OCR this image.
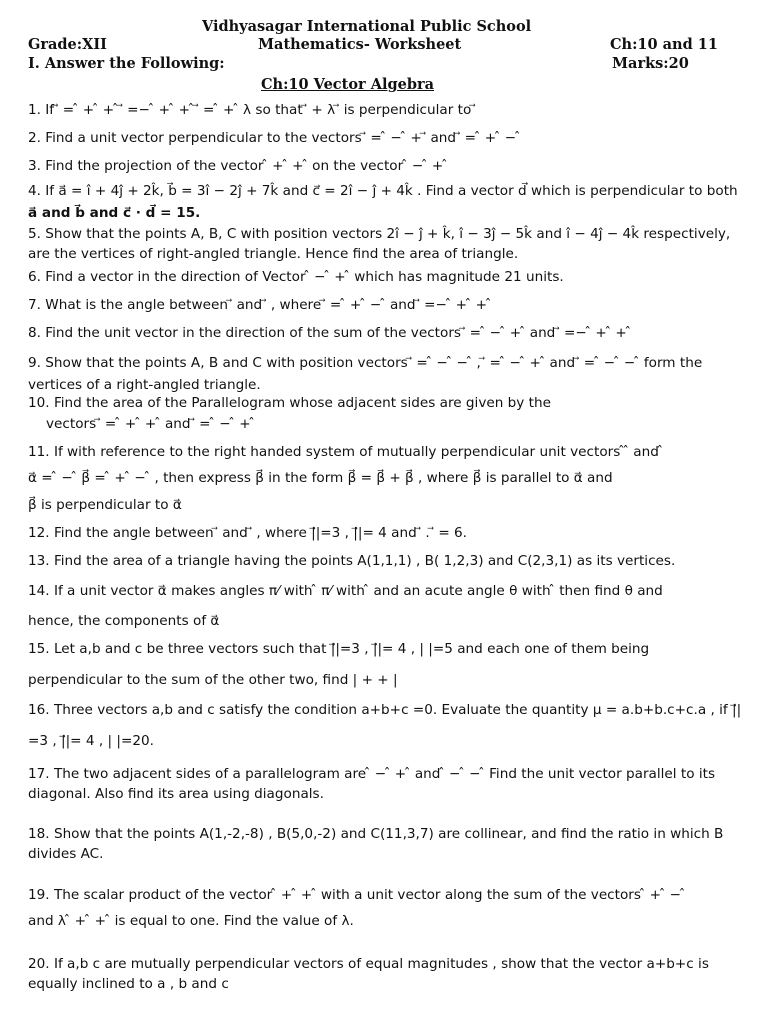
Vidhyasagar International Public School
Grade:XII	Mathematics- Worksheet	Ch:10 and 11
I. Answer the Following:	Marks:20
Ch:10 Vector Algebra
1. If ⃗ = ̂ + ̂ + ̂ ⃗ =− ̂ + ̂ + ̂ ⃗ = ̂ + ̂ λ so that ⃗ + λ ⃗ is perpendicular to ⃗
2. Find a unit vector perpendicular to the vectors ⃗ = ̂ − ̂ + ⃗ and ⃗ = ̂ + ̂ − ̂
3. Find the projection of the vector ̂ + ̂ + ̂ on the vector ̂ − ̂ + ̂
4. If a⃗ = î + 4ĵ + 2k̂, b⃗ = 3î − 2ĵ + 7k̂ and c⃗ = 2î − ĵ + 4k̂ . Find a vector d⃗ which is perpendicular to both
a⃗ and b⃗ and c⃗ · d⃗ = 15.
5. Show that the points A, B, C with position vectors 2î − ĵ + k̂, î − 3ĵ − 5k̂ and î − 4ĵ − 4k̂ respectively, are the vertices of right-angled triangle. Hence find the area of triangle.
6. Find a vector in the direction of Vector ̂ − ̂ + ̂ which has magnitude 21 units.
7. What is the angle between ⃗ and ⃗ , where ⃗ = ̂ + ̂ − ̂ and ⃗ =− ̂ + ̂ + ̂
8. Find the unit vector in the direction of the sum of the vectors ⃗ = ̂ − ̂ + ̂ and ⃗ =− ̂ + ̂ + ̂
9. Show that the points A, B and C with position vectors ⃗ = ̂ − ̂ − ̂ , ⃗ = ̂ − ̂ + ̂ and ⃗ = ̂ − ̂ − ̂ form the vertices of a right-angled triangle.
10. Find the area of the Parallelogram whose adjacent sides are given by the
vectors ⃗ = ̂ + ̂ + ̂ and ⃗ = ̂ − ̂ + ̂
11. If with reference to the right handed system of mutually perpendicular unit vectors ̂ ̂ and ̂
α⃗ = ̂ − ̂ β⃗ = ̂ + ̂ − ̂ , then express β⃗ in the form β⃗ = β⃗ + β⃗ , where β⃗ is parallel to α⃗ and
β⃗ is perpendicular to α⃗
12. Find the angle between ⃗ and ⃗ , where |⃗|=3 , |⃗|= 4 and ⃗ . ⃗ = 6.
13. Find the area of a triangle having the points A(1,1,1) , B( 1,2,3) and C(2,3,1) as its vertices.
14. If a unit vector α⃗ makes angles π⁄ with ̂ π⁄ with ̂ and an acute angle θ with ̂ then find θ and
hence, the components of α⃗
15. Let a,b and c be three vectors such that |⃗|=3 , |⃗|= 4 , | |=5 and each one of them being
perpendicular to the sum of the other two, find | + + |
16. Three vectors a,b and c satisfy the condition a+b+c =0. Evaluate the quantity μ = a.b+b.c+c.a , if |⃗|
=3 , |⃗|= 4 , | |=20.
17. The two adjacent sides of a parallelogram are ̂ − ̂ + ̂ and ̂ − ̂ − ̂ Find the unit vector parallel to its diagonal. Also find its area using diagonals.
18. Show that the points A(1,-2,-8) , B(5,0,-2) and C(11,3,7) are collinear, and find the ratio in which B divides AC.
19. The scalar product of the vector ̂ + ̂ + ̂ with a unit vector along the sum of the vectors ̂ + ̂ − ̂
and λ ̂ + ̂ + ̂ is equal to one. Find the value of λ.
20. If a,b c are mutually perpendicular vectors of equal magnitudes , show that the vector a+b+c is equally inclined to a , b and c
